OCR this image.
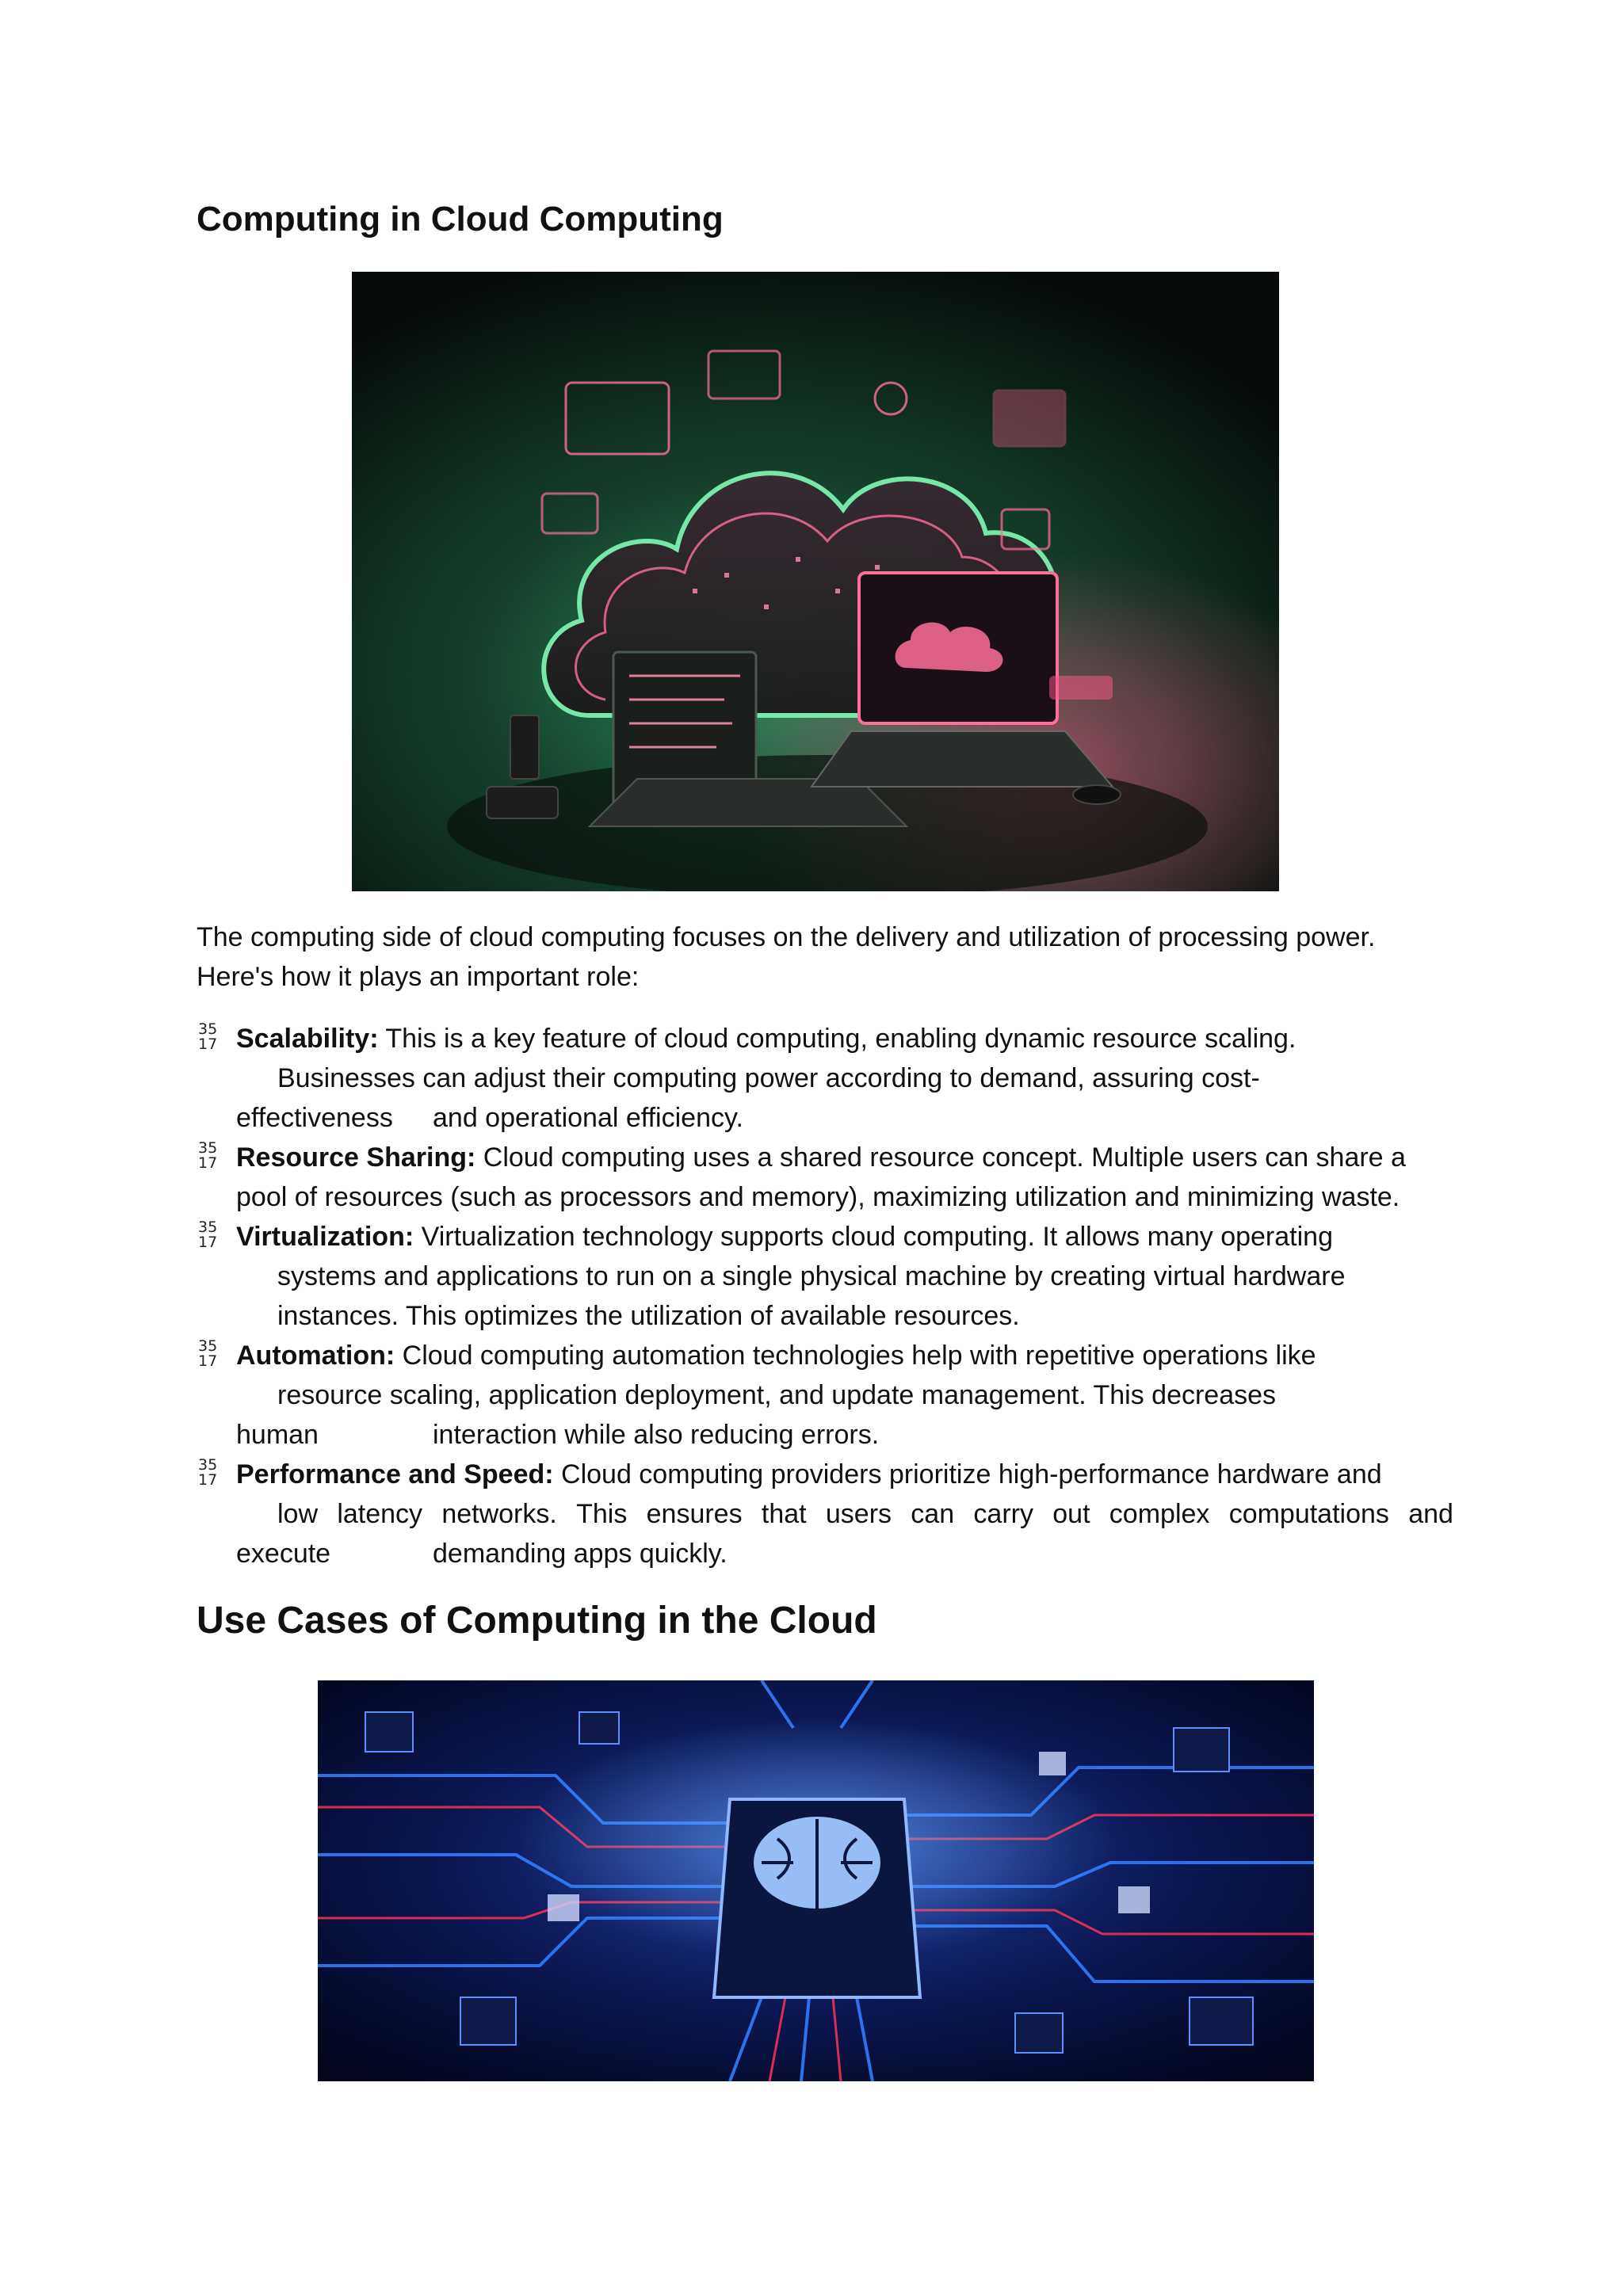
Computing in Cloud Computing

The computing side of cloud computing focuses on the delivery and utilization of processing power.
Here's how it plays an important role:

35
17 Scalability: This is a key feature of cloud computing, enabling dynamic resource scaling.
Businesses can adjust their computing power according to demand, assuring cost-
effectiveness and operational efficiency.
35
17 Resource Sharing: Cloud computing uses a shared resource concept. Multiple users can share a
pool of resources (such as processors and memory), maximizing utilization and minimizing waste.
35
17 Virtualization: Virtualization technology supports cloud computing. It allows many operating
systems and applications to run on a single physical machine by creating virtual hardware
instances. This optimizes the utilization of available resources.
35
17 Automation: Cloud computing automation technologies help with repetitive operations like
resource scaling, application deployment, and update management. This decreases
human	interaction while also reducing errors.
35
17 Performance and Speed: Cloud computing providers prioritize high-performance hardware and
low latency networks. This ensures that users can carry out complex computations and
execute	demanding apps quickly.
Use Cases of Computing in the Cloud
